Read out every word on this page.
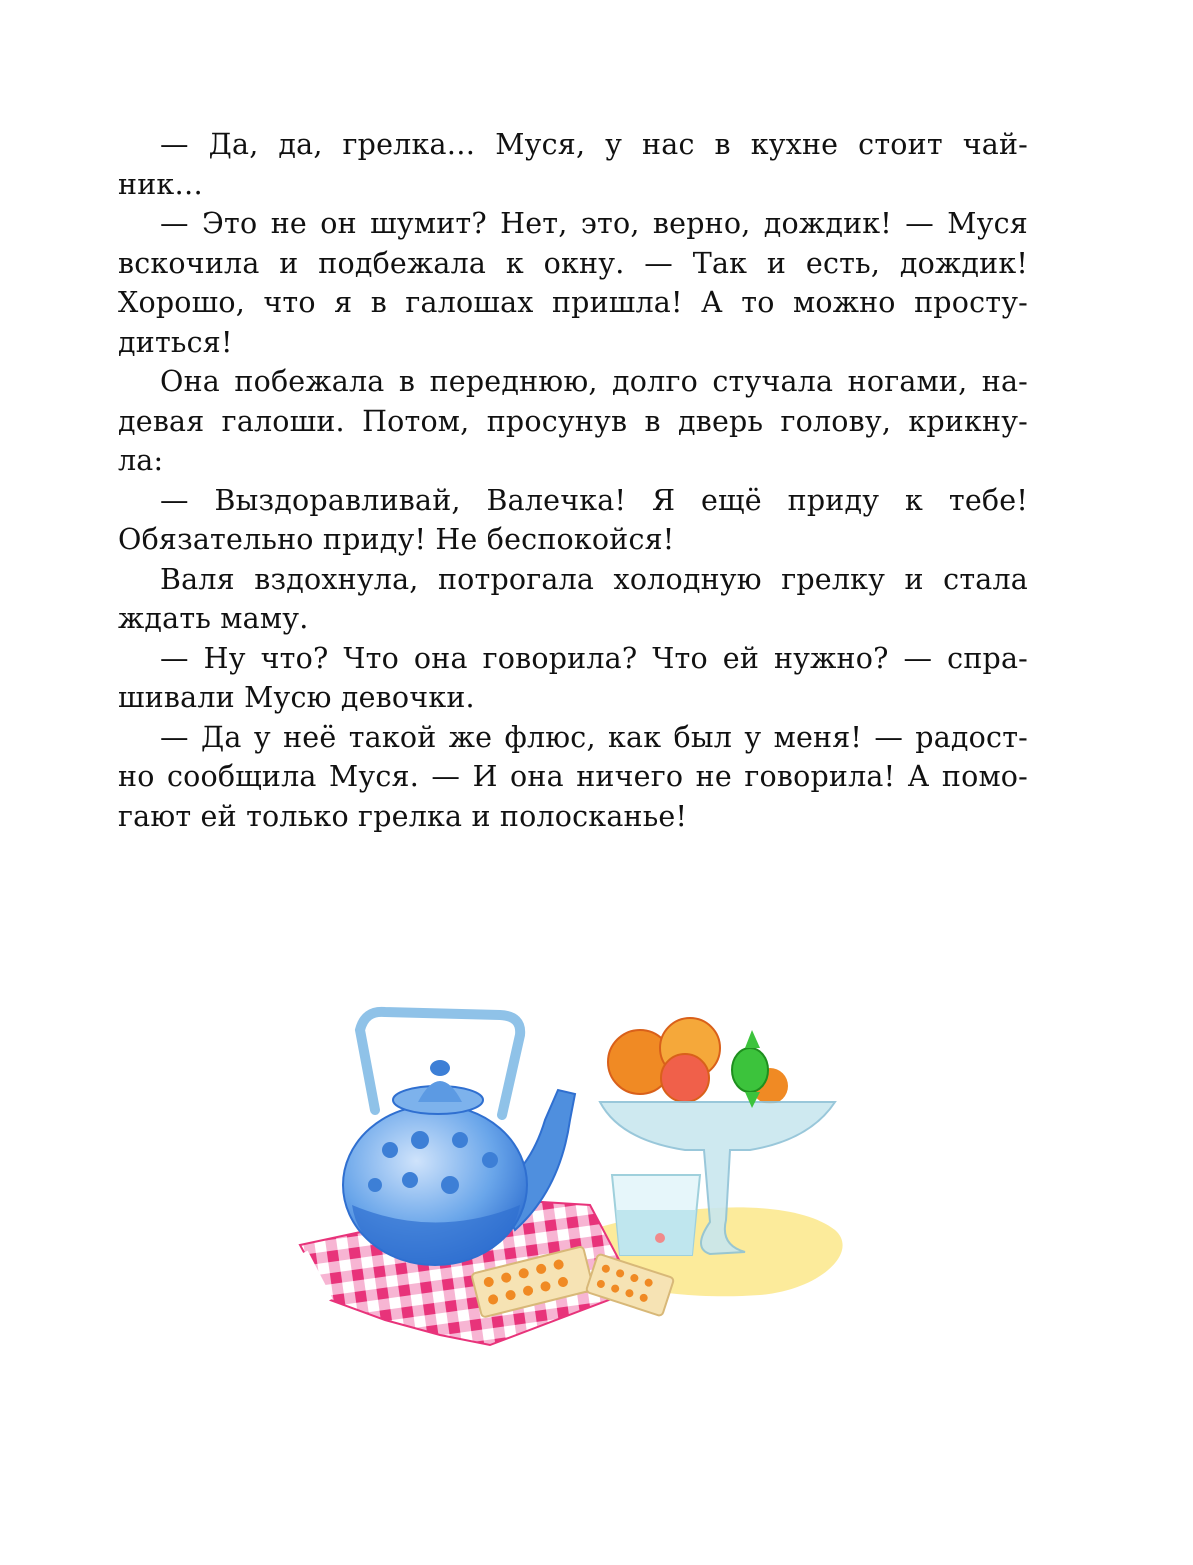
— Да, да, грелка… Муся, у нас в кухне стоит чай-
ник…
— Это не он шумит? Нет, это, верно, дождик! — Муся
вскочила и подбежала к окну. — Так и есть, дождик!
Хорошо, что я в галошах пришла! А то можно просту-
диться!
Она побежала в переднюю, долго стучала ногами, на-
девая галоши. Потом, просунув в дверь голову, крикну-
ла:
— Выздоравливай, Валечка! Я ещё приду к тебе!
Обязательно приду! Не беспокойся!
Валя вздохнула, потрогала холодную грелку и стала
ждать маму.
— Ну что? Что она говорила? Что ей нужно? — спра-
шивали Мусю девочки.
— Да у неё такой же флюс, как был у меня! — радост-
но сообщила Муся. — И она ничего не говорила! А помо-
гают ей только грелка и полосканье!
